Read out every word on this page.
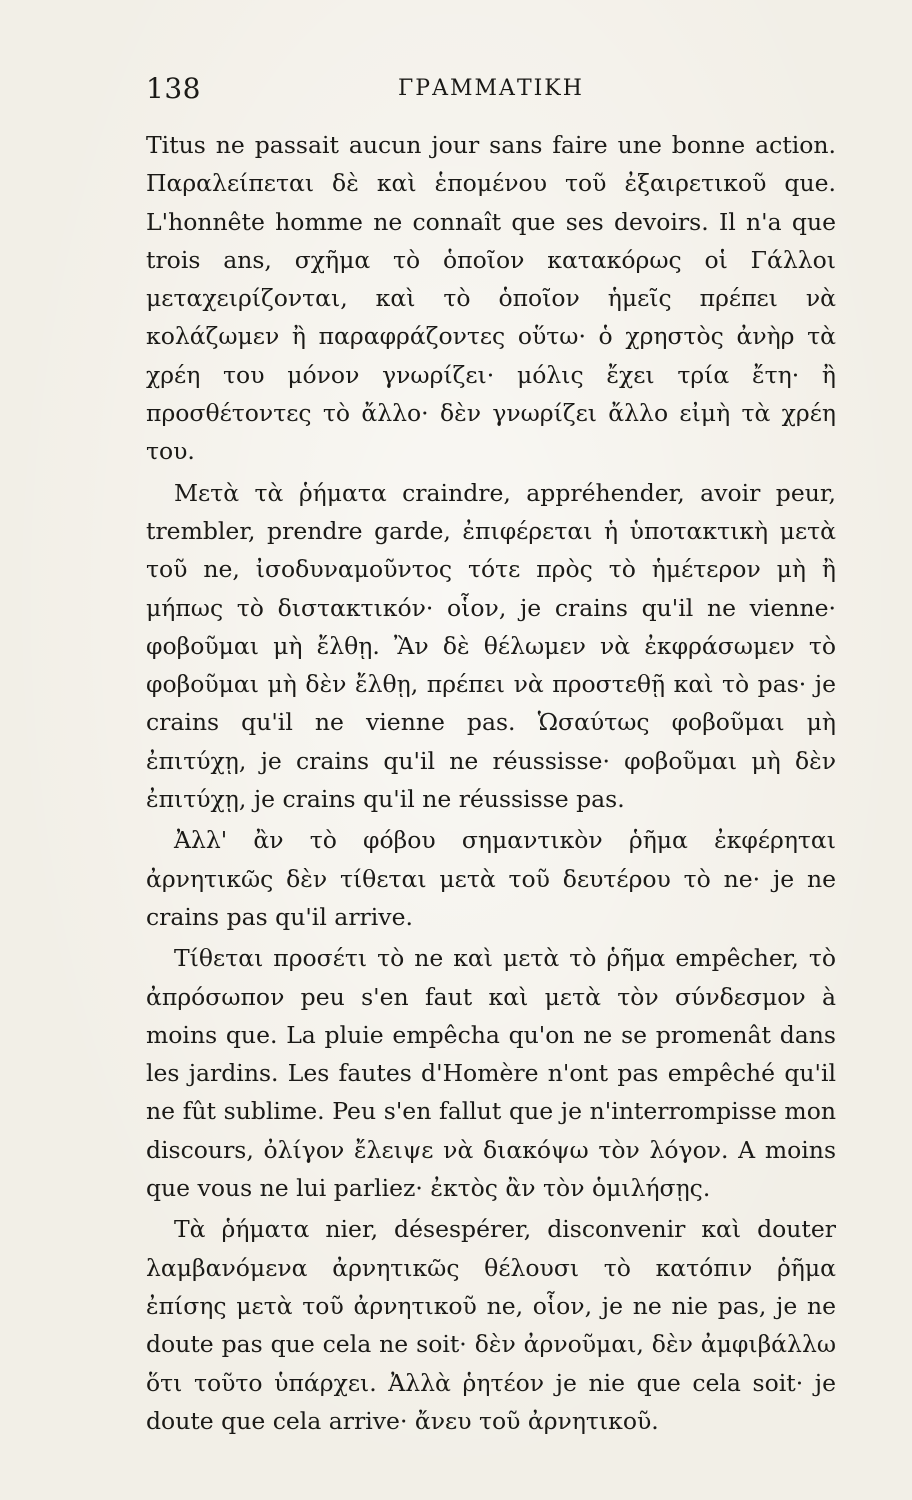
138	ΓΡΑΜΜΑΤΙΚΗ

Titus ne passait aucun jour sans faire une bonne action. Παραλείπεται δὲ καὶ ἑπομένου τοῦ ἐξαιρετικοῦ que. L'honnête homme ne connaît que ses devoirs. Il n'a que trois ans, σχῆμα τὸ ὁποῖον κατακόρως οἱ Γάλλοι μεταχειρίζονται, καὶ τὸ ὁποῖον ἡμεῖς πρέπει νὰ κολάζωμεν ἢ παραφράζοντες οὕτω· ὁ χρηστὸς ἀνὴρ τὰ χρέη του μόνον γνωρίζει· μόλις ἔχει τρία ἔτη· ἢ προσθέτοντες τὸ ἄλλο· δὲν γνωρίζει ἄλλο εἰμὴ τὰ χρέη του.

Μετὰ τὰ ῥήματα craindre, appréhender, avoir peur, trembler, prendre garde, ἐπιφέρεται ἡ ὑποτακτικὴ μετὰ τοῦ ne, ἰσοδυναμοῦντος τότε πρὸς τὸ ἡμέτερον μὴ ἢ μήπως τὸ διστακτικόν· οἷον, je crains qu'il ne vienne· φοβοῦμαι μὴ ἔλθῃ. Ἂν δὲ θέλωμεν νὰ ἐκφράσωμεν τὸ φοβοῦμαι μὴ δὲν ἔλθῃ, πρέπει νὰ προστεθῇ καὶ τὸ pas· je crains qu'il ne vienne pas. Ὡσαύτως φοβοῦμαι μὴ ἐπιτύχῃ, je crains qu'il ne réussisse· φοβοῦμαι μὴ δὲν ἐπιτύχῃ, je crains qu'il ne réussisse pas.

Ἀλλ' ἂν τὸ φόβου σημαντικὸν ῥῆμα ἐκφέρηται ἀρνητικῶς δὲν τίθεται μετὰ τοῦ δευτέρου τὸ ne· je ne crains pas qu'il arrive.

Τίθεται προσέτι τὸ ne καὶ μετὰ τὸ ῥῆμα empêcher, τὸ ἀπρόσωπον peu s'en faut καὶ μετὰ τὸν σύνδεσμον à moins que. La pluie empêcha qu'on ne se promenât dans les jardins. Les fautes d'Homère n'ont pas empêché qu'il ne fût sublime. Peu s'en fallut que je n'interrompisse mon discours, ὀλίγον ἔλειψε νὰ διακόψω τὸν λόγον. A moins que vous ne lui parliez· ἐκτὸς ἂν τὸν ὁμιλήσῃς.

Τὰ ῥήματα nier, désespérer, disconvenir καὶ douter λαμβανόμενα ἀρνητικῶς θέλουσι τὸ κατόπιν ῥῆμα ἐπίσης μετὰ τοῦ ἀρνητικοῦ ne, οἷον, je ne nie pas, je ne doute pas que cela ne soit· δὲν ἀρνοῦμαι, δὲν ἀμφιβάλλω ὅτι τοῦτο ὑπάρχει. Ἀλλὰ ῥητέον je nie que cela soit· je doute que cela arrive· ἄνευ τοῦ ἀρνητικοῦ.
